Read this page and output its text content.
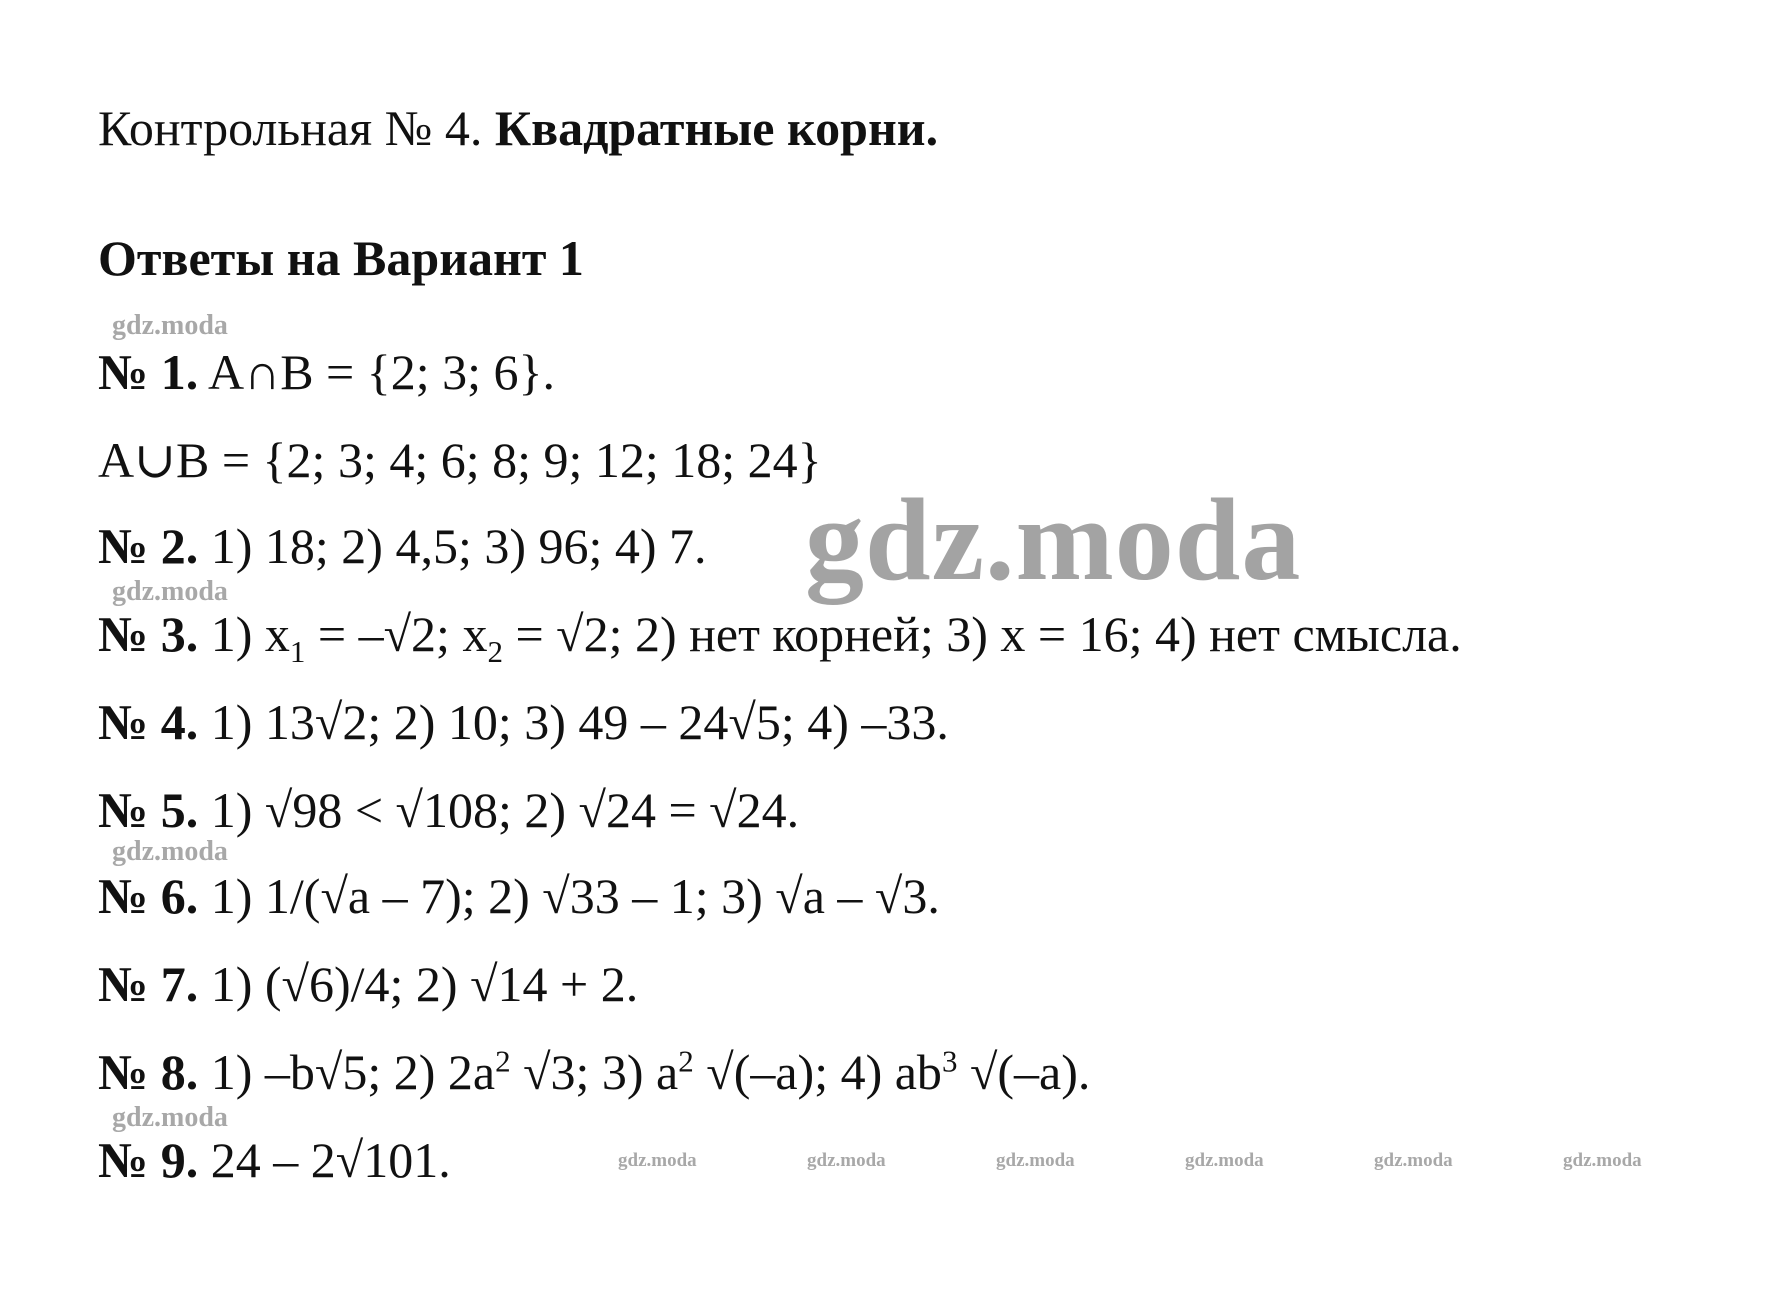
Контрольная № 4. Квадратные корни.
Ответы на Вариант 1
№ 1. A∩B = {2; 3; 6}.
A∪B = {2; 3; 4; 6; 8; 9; 12; 18; 24}
№ 2. 1) 18; 2) 4,5; 3) 96; 4) 7.
№ 3. 1) $x_1 = -√2$; $x_2 = √2$; 2) нет корней; 3) x = 16; 4) нет смысла.
№ 4. 1) 13√2; 2) 10; 3) 49 – 24√5; 4) –33.
№ 5. 1) √98 < √108; 2) √24 = √24.
№ 6. 1) 1/(√a – 7); 2) √33 – 1; 3) √a – √3.
№ 7. 1) (√6)/4; 2) √14 + 2.
№ 8. 1) –b√5; 2) $2a^2$ √3; 3) $a^2$ √(–a); 4) $ab^3$ √(–a).
№ 9. 24 – 2√101.
gdz.moda
gdz.moda
gdz.moda
gdz.moda
gdz.moda
gdz.moda	gdz.moda	gdz.moda	gdz.moda	gdz.moda	gdz.moda
